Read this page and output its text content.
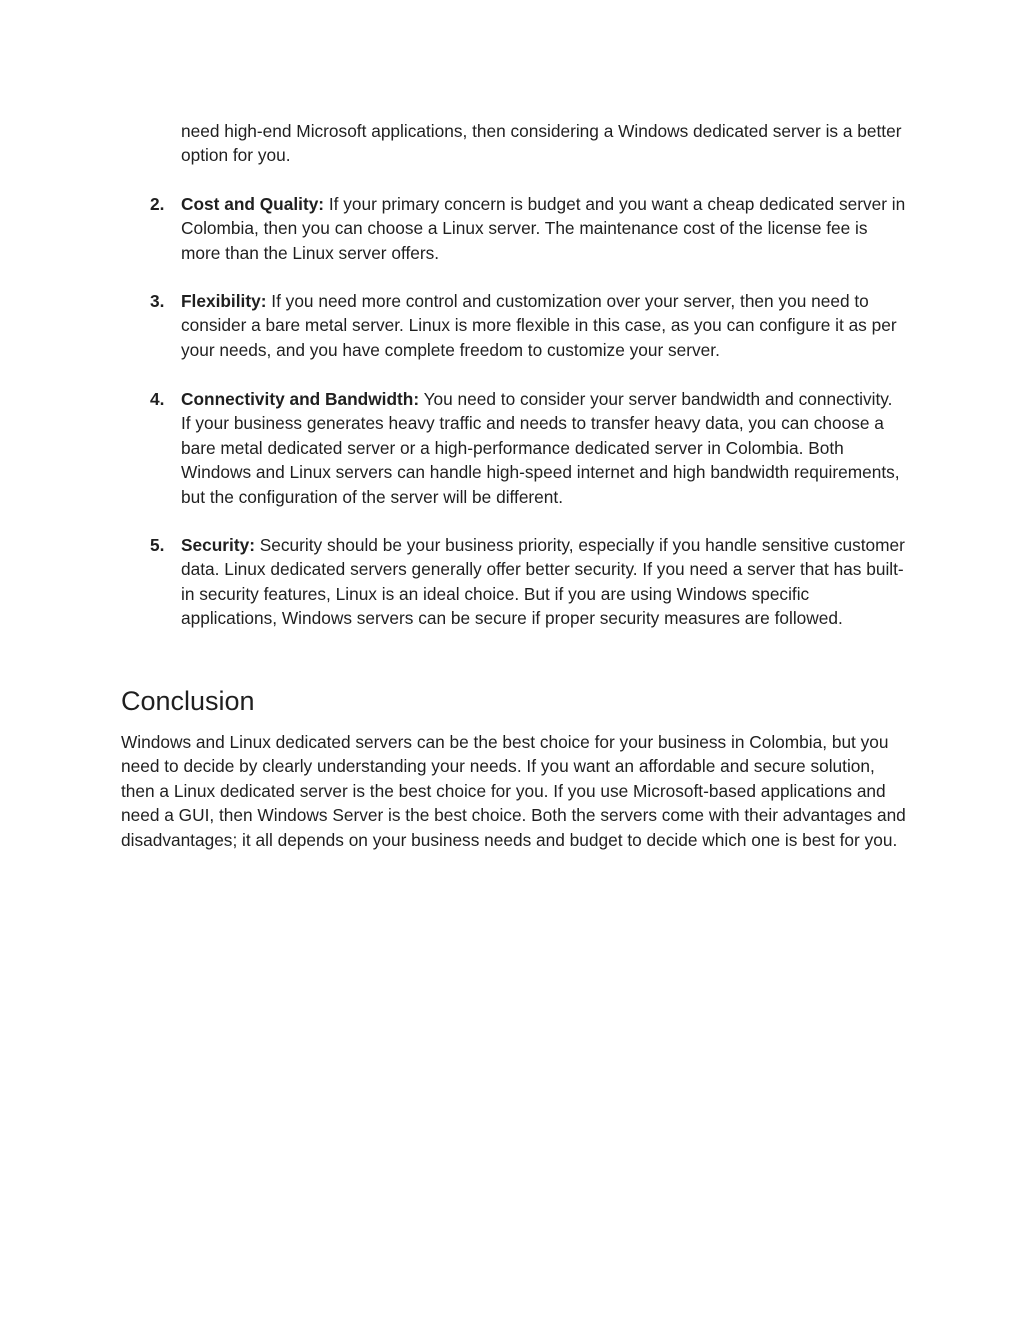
need high-end Microsoft applications, then considering a Windows dedicated server is a better option for you.

2. Cost and Quality: If your primary concern is budget and you want a cheap dedicated server in Colombia, then you can choose a Linux server. The maintenance cost of the license fee is more than the Linux server offers.
3. Flexibility: If you need more control and customization over your server, then you need to consider a bare metal server. Linux is more flexible in this case, as you can configure it as per your needs, and you have complete freedom to customize your server.
4. Connectivity and Bandwidth: You need to consider your server bandwidth and connectivity. If your business generates heavy traffic and needs to transfer heavy data, you can choose a bare metal dedicated server or a high-performance dedicated server in Colombia. Both Windows and Linux servers can handle high-speed internet and high bandwidth requirements, but the configuration of the server will be different.
5. Security: Security should be your business priority, especially if you handle sensitive customer data. Linux dedicated servers generally offer better security. If you need a server that has built-in security features, Linux is an ideal choice. But if you are using Windows specific applications, Windows servers can be secure if proper security measures are followed.
Conclusion

Windows and Linux dedicated servers can be the best choice for your business in Colombia, but you need to decide by clearly understanding your needs. If you want an affordable and secure solution, then a Linux dedicated server is the best choice for you. If you use Microsoft-based applications and need a GUI, then Windows Server is the best choice. Both the servers come with their advantages and disadvantages; it all depends on your business needs and budget to decide which one is best for you.
